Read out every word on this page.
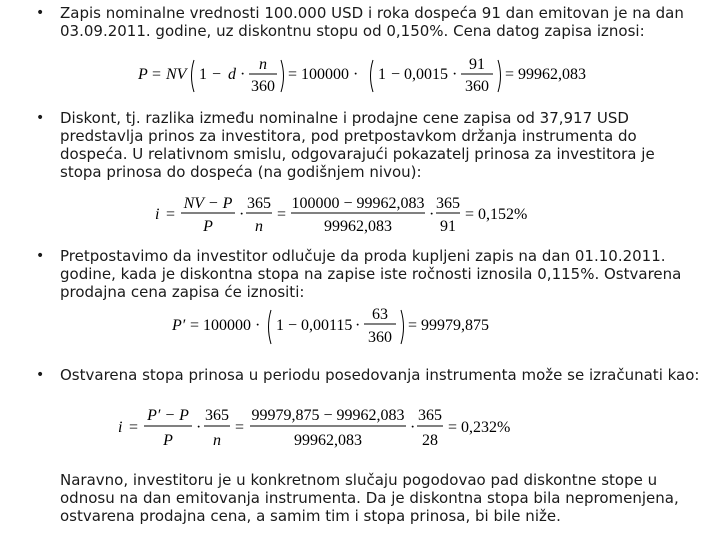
• Zapis nominalne vrednosti 100.000 USD i roka dospeća 91 dan emitovan je na dan 03.09.2011. godine, uz diskontnu stopu od 0,150%. Cena datog zapisa iznosi:
P = NV 1 − d ·
n
360
= 100000 · 1 − 0,0015 ·
91
360
= 99962,083
• Diskont, tj. razlika između nominalne i prodajne cene zapisa od 37,917 USD predstavlja prinos za investitora, pod pretpostavkom držanja instrumenta do dospeća. U relativnom smislu, odgovarajući pokazatelj prinosa za investitora je stopa prinosa do dospeća (na godišnjem nivou):
i =
NV − P
P
·
365
n
=
100000 − 99962,083
99962,083
·
365
91
= 0,152%
• Pretpostavimo da investitor odlučuje da proda kupljeni zapis na dan 01.10.2011. godine, kada je diskontna stopa na zapise iste ročnosti iznosila 0,115%. Ostvarena prodajna cena zapisa će iznositi:
P′ = 100000 · 1 − 0,00115 ·
63
360
= 99979,875
• Ostvarena stopa prinosa u periodu posedovanja instrumenta može se izračunati kao:
i =
P′ − P
P
·
365
n
=
99979,875 − 99962,083
99962,083
·
365
28
= 0,232%
Naravno, investitoru je u konkretnom slučaju pogodovao pad diskontne stope u odnosu na dan emitovanja instrumenta. Da je diskontna stopa bila nepromenjena, ostvarena prodajna cena, a samim tim i stopa prinosa, bi bile niže.
